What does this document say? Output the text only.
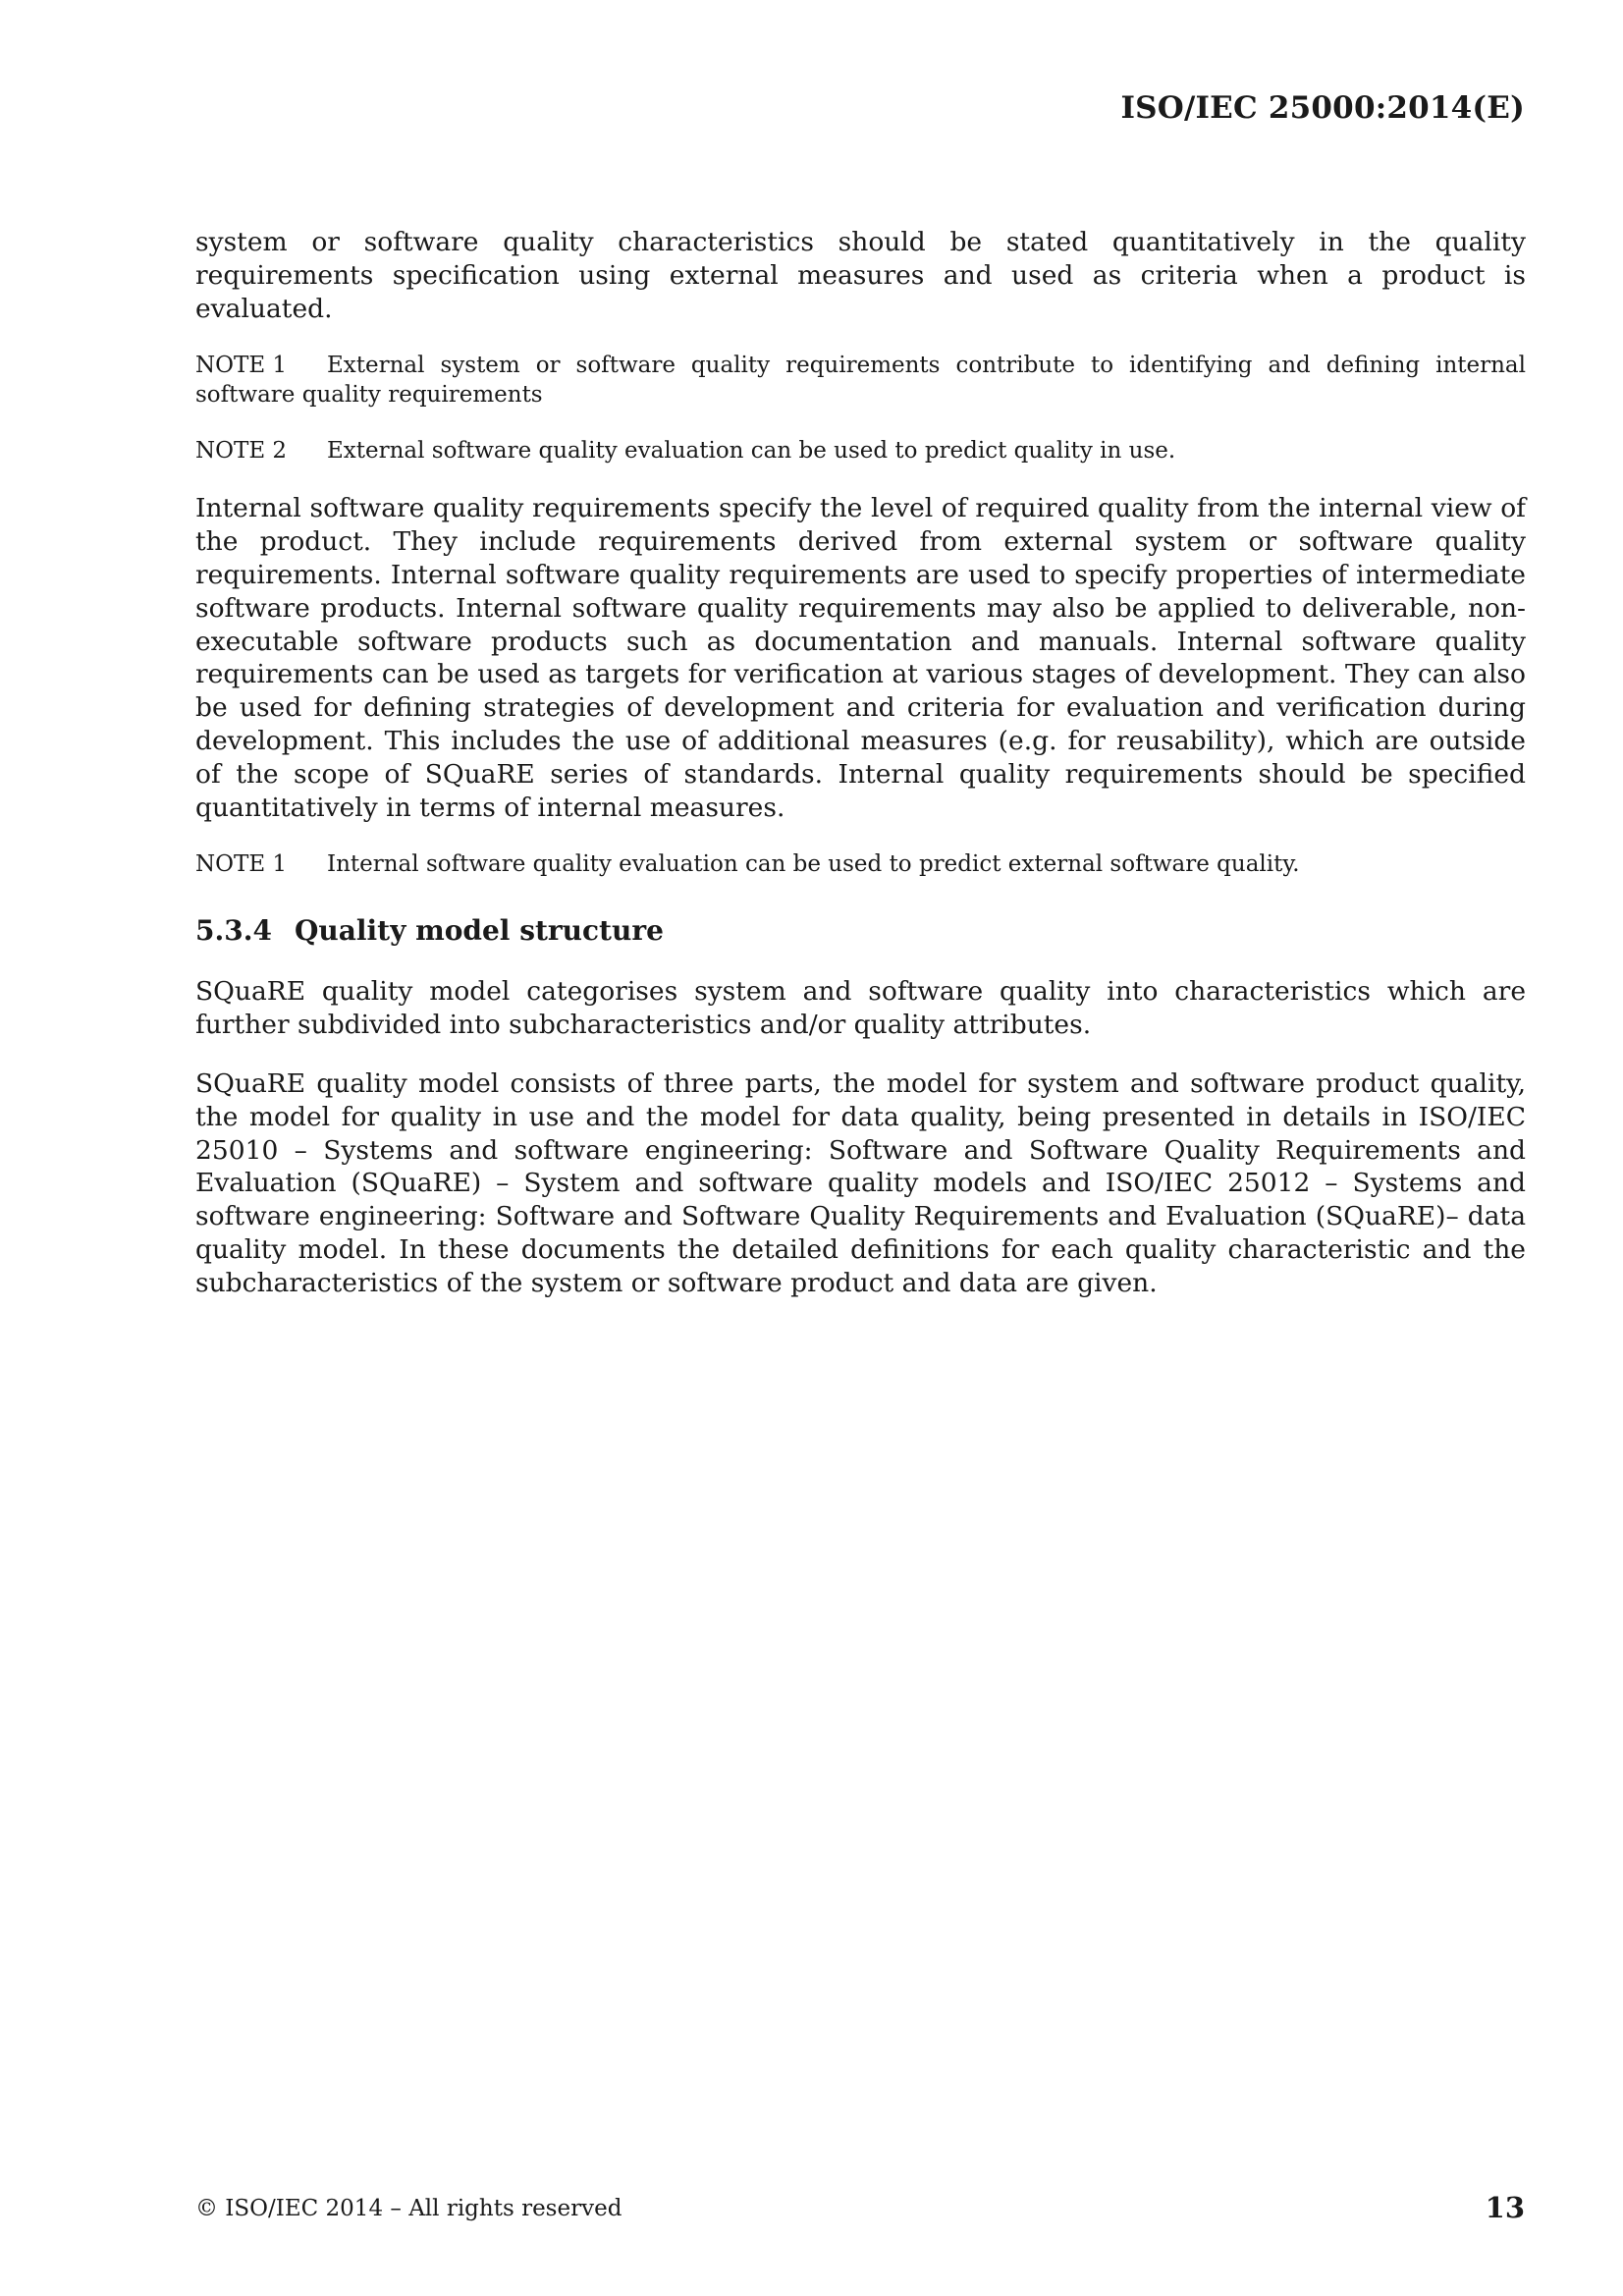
ISO/IEC 25000:2014(E)

system or software quality characteristics should be stated quantitatively in the quality requirements specification using external measures and used as criteria when a product is evaluated.

NOTE 1 External system or software quality requirements contribute to identifying and defining internal software quality requirements
NOTE 2 External software quality evaluation can be used to predict quality in use.

Internal software quality requirements specify the level of required quality from the internal view of the product. They include requirements derived from external system or software quality requirements. Internal software quality requirements are used to specify properties of intermediate software products. Internal software quality requirements may also be applied to deliverable, non-executable software products such as documentation and manuals. Internal software quality requirements can be used as targets for verification at various stages of development. They can also be used for defining strategies of development and criteria for evaluation and verification during development. This includes the use of additional measures (e.g. for reusability), which are outside of the scope of SQuaRE series of standards. Internal quality requirements should be specified quantitatively in terms of internal measures.

NOTE 1 Internal software quality evaluation can be used to predict external software quality.
5.3.4 Quality model structure

SQuaRE quality model categorises system and software quality into characteristics which are further subdivided into subcharacteristics and/or quality attributes.

SQuaRE quality model consists of three parts, the model for system and software product quality, the model for quality in use and the model for data quality, being presented in details in ISO/IEC 25010 – Systems and software engineering: Software and Software Quality Requirements and Evaluation (SQuaRE) – System and software quality models and ISO/IEC 25012 – Systems and software engineering: Software and Software Quality Requirements and Evaluation (SQuaRE)– data quality model. In these documents the detailed definitions for each quality characteristic and the subcharacteristics of the system or software product and data are given.

© ISO/IEC 2014 – All rights reserved	13
